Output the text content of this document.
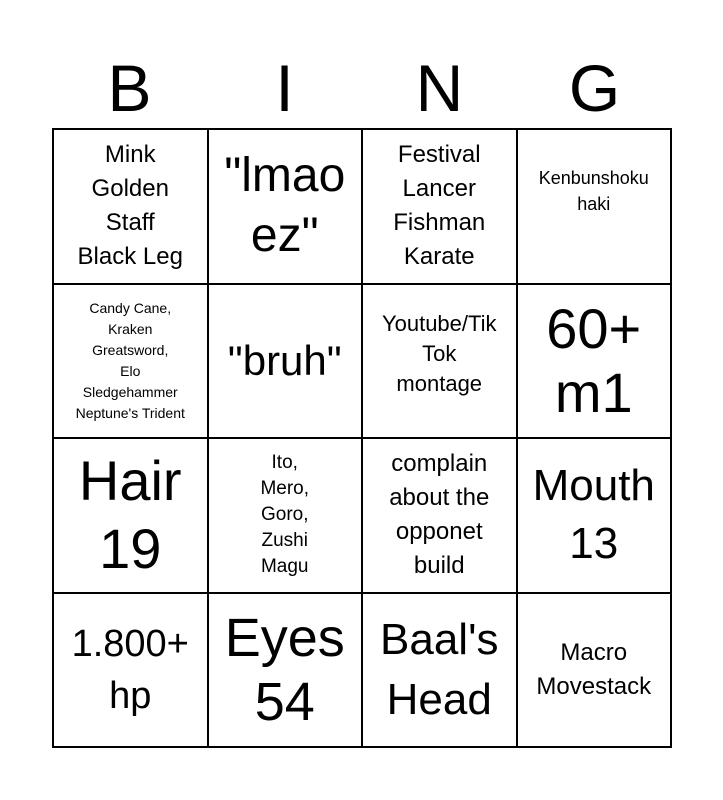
B	I	N	G
Mink
Golden
Staff
Black Leg
"lmao
ez"
Festival
Lancer
Fishman
Karate
Kenbunshoku
haki
Candy Cane,
Kraken
Greatsword,
Elo
Sledgehammer
Neptune's Trident
"bruh"
Youtube/Tik
Tok
montage
60+
m1
Hair
19
Ito,
Mero,
Goro,
Zushi
Magu
complain
about the
opponet
build
Mouth
13
1.800+
hp
Eyes
54
Baal's
Head
Macro
Movestack
